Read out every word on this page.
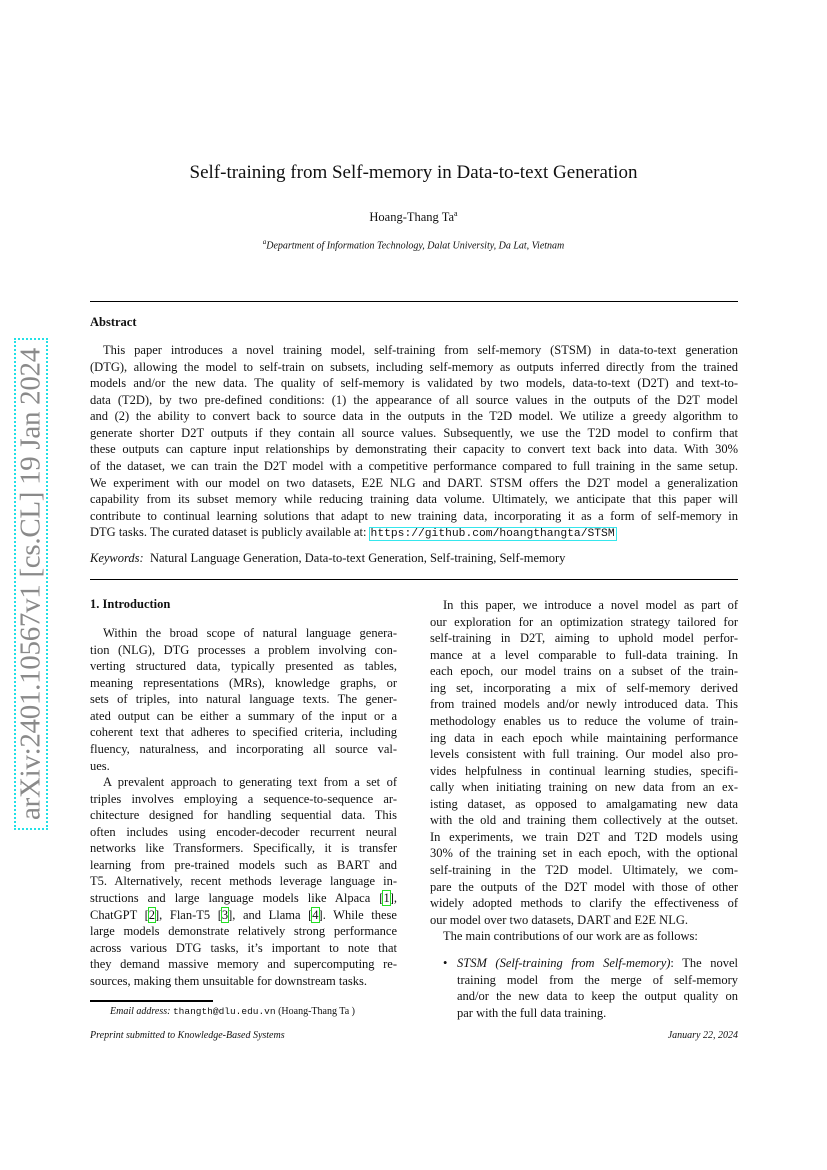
arXiv:2401.10567v1 [cs.CL] 19 Jan 2024
Self-training from Self-memory in Data-to-text Generation
Hoang-Thang Ta$^a$
$^a$Department of Information Technology, Dalat University, Da Lat, Vietnam
Abstract
This paper introduces a novel training model, self-training from self-memory (STSM) in data-to-text generation
(DTG), allowing the model to self-train on subsets, including self-memory as outputs inferred directly from the trained
models and/or the new data. The quality of self-memory is validated by two models, data-to-text (D2T) and text-to-
data (T2D), by two pre-defined conditions: (1) the appearance of all source values in the outputs of the D2T model
and (2) the ability to convert back to source data in the outputs in the T2D model. We utilize a greedy algorithm to
generate shorter D2T outputs if they contain all source values. Subsequently, we use the T2D model to confirm that
these outputs can capture input relationships by demonstrating their capacity to convert text back into data. With 30%
of the dataset, we can train the D2T model with a competitive performance compared to full training in the same setup.
We experiment with our model on two datasets, E2E NLG and DART. STSM offers the D2T model a generalization
capability from its subset memory while reducing training data volume. Ultimately, we anticipate that this paper will
contribute to continual learning solutions that adapt to new training data, incorporating it as a form of self-memory in
DTG tasks. The curated dataset is publicly available at: https://github.com/hoangthangta/STSM
Keywords: Natural Language Generation, Data-to-text Generation, Self-training, Self-memory
1. Introduction
Within the broad scope of natural language genera-
tion (NLG), DTG processes a problem involving con-
verting structured data, typically presented as tables,
meaning representations (MRs), knowledge graphs, or
sets of triples, into natural language texts. The gener-
ated output can be either a summary of the input or a
coherent text that adheres to specified criteria, including
fluency, naturalness, and incorporating all source val-
ues.
A prevalent approach to generating text from a set of
triples involves employing a sequence-to-sequence ar-
chitecture designed for handling sequential data. This
often includes using encoder-decoder recurrent neural
networks like Transformers. Specifically, it is transfer
learning from pre-trained models such as BART and
T5. Alternatively, recent methods leverage language in-
structions and large language models like Alpaca [1],
ChatGPT [2], Flan-T5 [3], and Llama [4]. While these
large models demonstrate relatively strong performance
across various DTG tasks, it’s important to note that
they demand massive memory and supercomputing re-
sources, making them unsuitable for downstream tasks.
In this paper, we introduce a novel model as part of
our exploration for an optimization strategy tailored for
self-training in D2T, aiming to uphold model perfor-
mance at a level comparable to full-data training. In
each epoch, our model trains on a subset of the train-
ing set, incorporating a mix of self-memory derived
from trained models and/or newly introduced data. This
methodology enables us to reduce the volume of train-
ing data in each epoch while maintaining performance
levels consistent with full training. Our model also pro-
vides helpfulness in continual learning studies, specifi-
cally when initiating training on new data from an ex-
isting dataset, as opposed to amalgamating new data
with the old and training them collectively at the outset.
In experiments, we train D2T and T2D models using
30% of the training set in each epoch, with the optional
self-training in the T2D model. Ultimately, we com-
pare the outputs of the D2T model with those of other
widely adopted methods to clarify the effectiveness of
our model over two datasets, DART and E2E NLG.
The main contributions of our work are as follows:
• STSM (Self-training from Self-memory): The novel
training model from the merge of self-memory
and/or the new data to keep the output quality on
par with the full data training.
Email address: thangth@dlu.edu.vn (Hoang-Thang Ta )
Preprint submitted to Knowledge-Based Systems	January 22, 2024
